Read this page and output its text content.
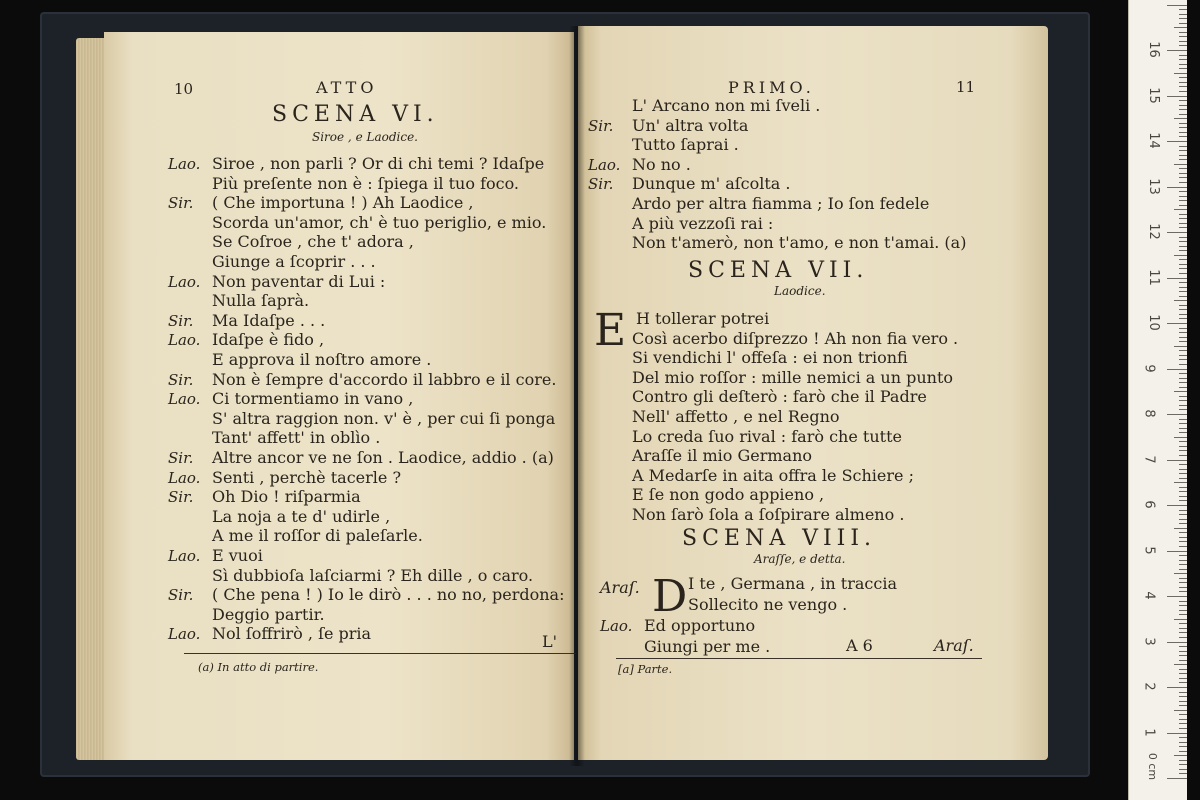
10	ATTO
SCENA VI.
Siroe , e Laodice.
Lao. Siroe , non parli ? Or di chi temi ? Idaſpe
Più preſente non è : ſpiega il tuo foco.
Sir. ( Che importuna ! ) Ah Laodice ,
Scorda un'amor, ch' è tuo periglio, e mio.
Se Coſroe , che t' adora ,
Giunge a ſcoprir . . .
Lao. Non paventar di Lui :
Nulla ſaprà.
Sir. Ma Idaſpe . . .
Lao. Idaſpe è fido ,
E approva il noſtro amore .
Sir. Non è ſempre d'accordo il labbro e il core.
Lao. Ci tormentiamo in vano ,
S' altra raggion non. v' è , per cui ſi ponga
Tant' affett' in oblìo .
Sir. Altre ancor ve ne ſon . Laodice, addio . (a)
Lao. Senti , perchè tacerle ?
Sir. Oh Dio ! riſparmia
La noja a te d' udirle ,
A me il roſſor di paleſarle.
Lao. E vuoi
Sì dubbioſa laſciarmi ? Eh dille , o caro.
Sir. ( Che pena ! ) Io le dirò . . . no no, perdona:
Deggio partir.
Lao. Nol ſoffrirò , ſe pria	L'
(a) In atto di partire.
PRIMO.	11
L' Arcano non mi ſveli .
Sir. Un' altra volta
Tutto ſaprai .
Lao. No no .
Sir. Dunque m' aſcolta .
Ardo per altra fiamma ; Io ſon fedele
A più vezzoſi rai :
Non t'amerò, non t'amo, e non t'amai. (a)
SCENA VII.
Laodice.
E H tollerar potrei
Così acerbo diſprezzo ! Ah non fia vero .
Si vendichi l' offeſa : ei non trionfi
Del mio roſſor : mille nemici a un punto
Contro gli deſterò : farò che il Padre
Nell' affetto , e nel Regno
Lo creda ſuo rival : farò che tutte
Araſſe il mio Germano
A Medarſe in aita offra le Schiere ;
E ſe non godo appieno ,
Non ſarò ſola a ſoſpirare almeno .
SCENA VIII.
Araſſe, e detta.
Araſ. D I te , Germana , in traccia
Sollecito ne vengo .
Lao. Ed opportuno
Giungi per me .	A 6	Araſ.
[a] Parte.
0 cm
1
2
3
4
5
6
7
8
9
10
11
12
13
14
15
16
